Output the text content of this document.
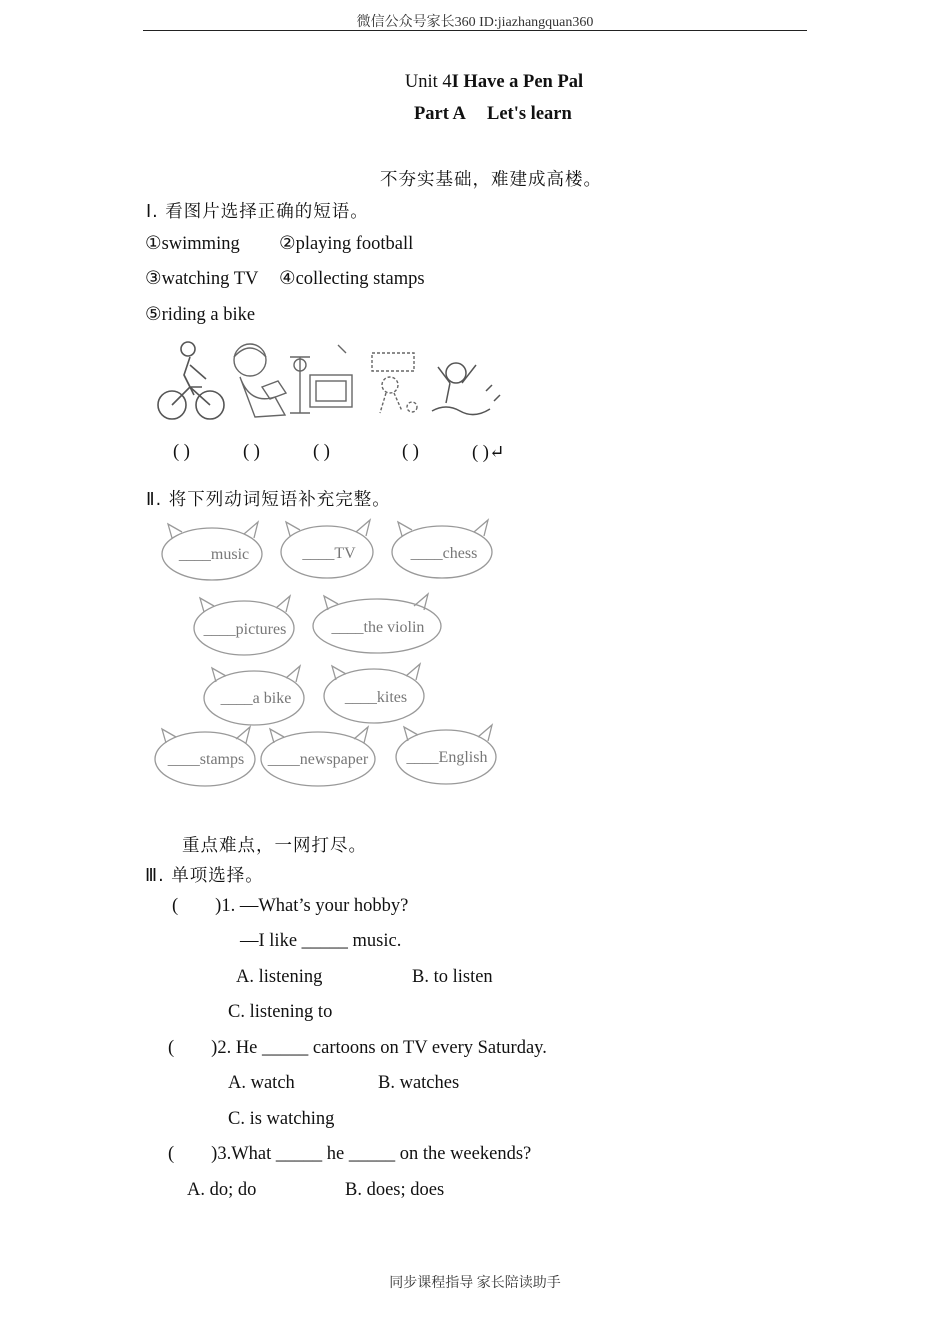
微信公众号家长360 ID:jiazhangquan360
Unit 4I Have a Pen Pal
Part A Let's learn
不夯实基础，难建成高楼。
Ⅰ. 看图片选择正确的短语。
①swimming ②playing football
③watching TV ④collecting stamps
⑤riding a bike
( )	( )	( )	( )	( )↵
Ⅱ. 将下列动词短语补充完整。
____music	____TV	____chess
____pictures	____the violin
____a bike	____kites
____stamps ____newspaper ____English
重点难点，一网打尽。
Ⅲ. 单项选择。
(        )1. —What’s your hobby?
—I like _____ music.
A. listening	B. to listen
C. listening to
(        )2. He _____ cartoons on TV every Saturday.
A. watch	B. watches
C. is watching
(        )3.What _____ he _____ on the weekends?
A. do; do	B. does; does
同步课程指导 家长陪读助手
